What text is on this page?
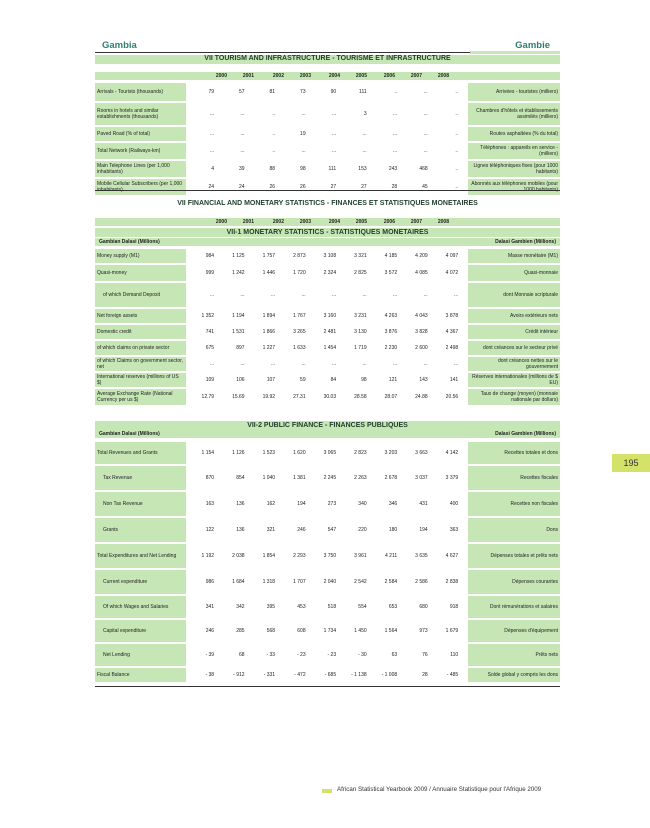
Gambia	Gambie
VII TOURISM AND INFRASTRUCTURE - TOURISME ET INFRASTRUCTURE
2000	2001	2002	2003	2004	2005	2006	2007	2008
Arrivals - Tourists (thousands)	79	57	81	73	90	111	..	...	..		Arrivées - touristes (milliers)
Rooms in hotels and similar establishments (thousands)	...	...	..	...	...	3	...	...	..		Chambres d'hôtels et établissements assimilés (milliers)
Paved Road (% of total)	...	...	..	19	...	...	...	...	..		Routes asphaltées (% du total)
Total Network (Railways-km)	...	...	..	...	...	...	...	...	..		Téléphones : appareils en service - (milliers)
Main Telephone Lines (per 1,000 inhabitants)	4	39	88	98	111	153	243	468	..		Lignes téléphoniques fixes (pour 1000 habitants)
Mobile Cellular Subscribers (per 1,000	24	24	26	26	27	27	28	45	..		Abonnés aux téléphones mobiles (pour
VII FINANCIAL AND MONETARY STATISTICS - FINANCES ET STATISTIQUES MONETAIRES
2000	2001	2002	2003	2004	2005	2006	2007	2008
VII-1 MONETARY STATISTICS - STATISTIQUES MONETAIRES
Gambian Dalasi (Millions)	Dalasi Gambien (Millions)
Money supply (M1)	984	1 125	1 757	2 873	3 108	3 321	4 185	4 209	4 097		Masse monétaire (M1)
Quasi-money	999	1 242	1 446	1 720	2 324	2 825	3 572	4 085	4 072		Quasi-monnaie
of which Demand Deposit	...	...	...	...	...	...	...	...	...		dont Monnaie scripturale
Net foreign assets	1 352	1 194	1 894	1 767	3 160	3 231	4 263	4 043	3 878		Avoirs extérieurs nets
Domestic credit	741	1 531	1 866	3 265	2 481	3 130	3 876	3 828	4 367		Crédit intérieur
of which claims on private sector	675	897	1 227	1 633	1 454	1 719	2 230	2 600	2 498		dont créances sur le secteur privé
of which Claims on government sector, net	...	...	...	...	...	...	...	...	...		dont créances nettes sur le gouvernement
International reserves (millions of US $)	109	106	107	59	84	98	121	143	141		Réserves internationales (millions de $ EU)
Average Exchange Rate (National Currency per us $)	12.79	15.69	19.92	27.31	30.03	28.58	28.07	24.88	20.56		Taux de change (moyen) (monnaie nationale par dollars)
VII-2 PUBLIC FINANCE - FINANCES PUBLIQUES
Gambian Dalasi (Millions)	Dalasi Gambien (Millions)
Total Revenues and Grants	1 154	1 126	1 523	1 620	3 065	2 823	3 203	3 663	4 142		Recettes totales et dons
Tax Revenue	870	854	1 040	1 381	2 245	2 263	2 678	3 037	3 379		Recettes fiscales
Non Tax Revenue	163	136	162	194	273	340	346	431	400		Recettes non fiscales
Grants	122	136	321	246	547	220	180	194	363		Dons
Total Expenditures and Net Lending	1 192	2 038	1 854	2 293	3 750	3 961	4 211	3 635	4 627		Dépenses totales et prêts nets
Current expenditure	986	1 684	1 318	1 707	2 040	2 542	2 584	2 586	2 838		Dépenses courantes
Of which Wages and Salaries	341	342	395	453	518	554	653	680	918		Dont rémunérations et salaires
Capital expenditure	246	285	568	608	1 734	1 450	1 564	973	1 679		Dépenses d'équipement
Net Lending	- 39	68	- 33	- 23	- 23	- 30	63	76	110		Prêts nets
Fiscal Balance	- 38	- 912	- 331	- 472	- 685	- 1 138	- 1 008	28	- 485		Solde global y compris les dons
195
African Statistical Yearbook 2009 / Annuaire Statistique pour l'Afrique 2009
